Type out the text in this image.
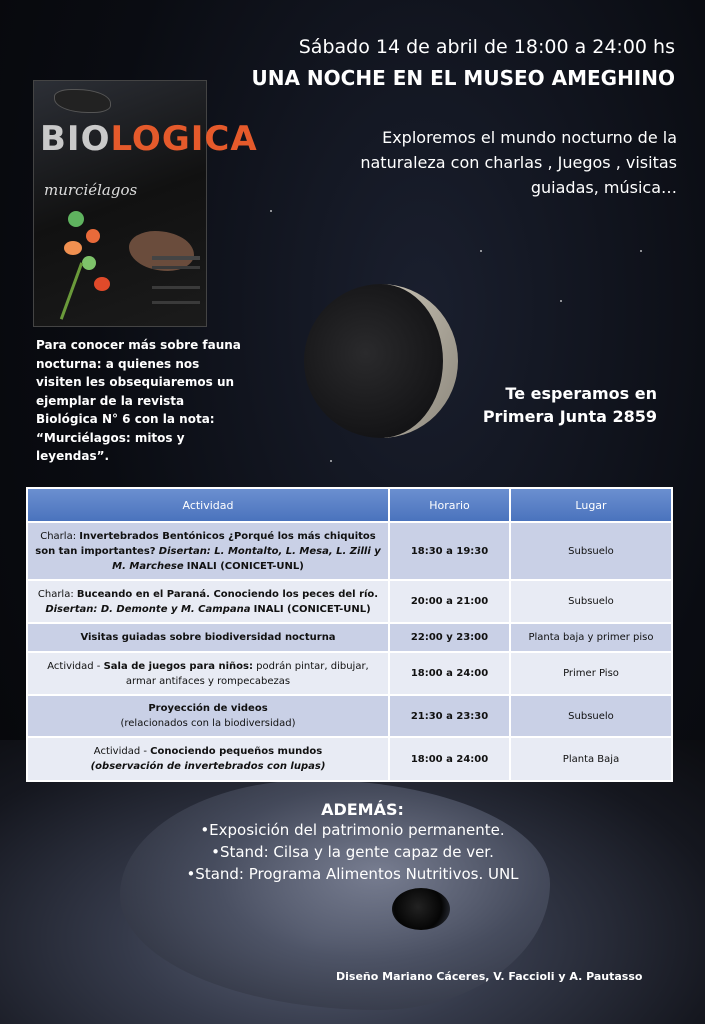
Sábado 14 de abril de 18:00 a 24:00 hs
UNA NOCHE EN EL MUSEO AMEGHINO
Exploremos el mundo nocturno de la naturaleza con charlas , Juegos , visitas guiadas, música…
BIOLOGICA
murciélagos
Para conocer más sobre fauna nocturna: a quienes nos visiten les obsequiaremos un ejemplar de la revista Biológica N° 6 con la nota:
“Murciélagos: mitos y leyendas”.
Te esperamos en
Primera Junta 2859
Actividad	Horario	Lugar
Charla: Invertebrados Bentónicos ¿Porqué los más chiquitos son tan importantes? Disertan: L. Montalto, L. Mesa, L. Zilli y M. Marchese INALI (CONICET-UNL)	18:30 a 19:30	Subsuelo
Charla: Buceando en el Paraná. Conociendo los peces del río. Disertan: D. Demonte y M. Campana INALI (CONICET-UNL)	20:00 a 21:00	Subsuelo
Visitas guiadas sobre biodiversidad nocturna	22:00 y 23:00	Planta baja y primer piso
Actividad - Sala de juegos para niños: podrán pintar, dibujar, armar antifaces y rompecabezas	18:00 a 24:00	Primer Piso

Proyección de videos
(relacionados con la biodiversidad)	21:30 a 23:30	Subsuelo

Actividad - Conociendo pequeños mundos
(observación de invertebrados con lupas)	18:00 a 24:00	Planta Baja
ADEMÁS:
•Exposición del patrimonio permanente.
•Stand: Cilsa y la gente capaz de ver.
•Stand: Programa Alimentos Nutritivos. UNL
Diseño Mariano Cáceres, V. Faccioli y A. Pautasso
